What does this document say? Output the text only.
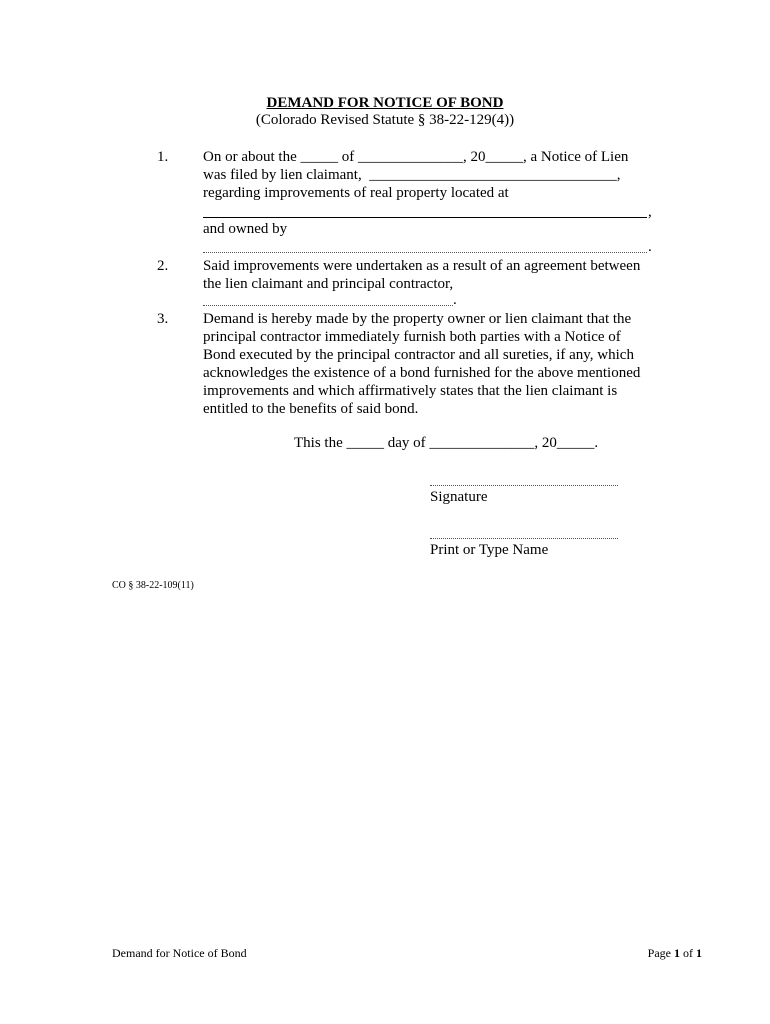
DEMAND FOR NOTICE OF BOND
(Colorado Revised Statute § 38-22-129(4))
1. On or about the _____ of ______________, 20_____, a Notice of Lien
was filed by lien claimant,  _________________________________,
regarding improvements of real property located at
,
and owned by
.
2. Said improvements were undertaken as a result of an agreement between
the lien claimant and principal contractor,
.
3. Demand is hereby made by the property owner or lien claimant that the
principal contractor immediately furnish both parties with a Notice of
Bond executed by the principal contractor and all sureties, if any, which
acknowledges the existence of a bond furnished for the above mentioned
improvements and which affirmatively states that the lien claimant is
entitled to the benefits of said bond.
This the _____ day of ______________, 20_____.
Signature
Print or Type Name
CO § 38-22-109(11)
Demand for Notice of Bond	Page 1 of 1
